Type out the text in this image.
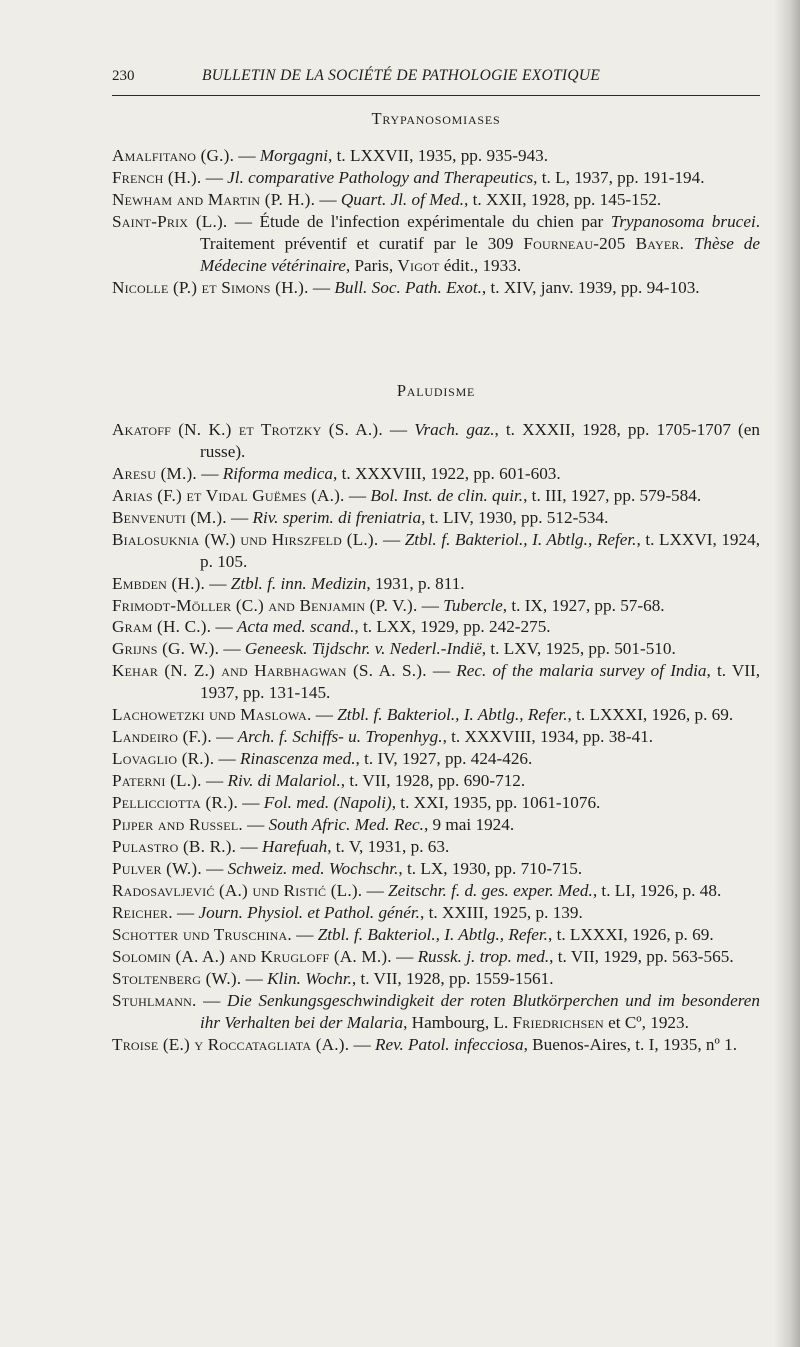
230	BULLETIN DE LA SOCIÉTÉ DE PATHOLOGIE EXOTIQUE
Trypanosomiases

Amalfitano (G.). — Morgagni, t. LXXVII, 1935, pp. 935-943.

French (H.). — Jl. comparative Pathology and Therapeutics, t. L, 1937, pp. 191-194.

Newham and Martin (P. H.). — Quart. Jl. of Med., t. XXII, 1928, pp. 145-152.

Saint-Prix (L.). — Étude de l'infection expérimentale du chien par Trypanosoma brucei. Traitement préventif et curatif par le 309 Fourneau-205 Bayer. Thèse de Médecine vétérinaire, Paris, Vigot édit., 1933.

Nicolle (P.) et Simons (H.). — Bull. Soc. Path. Exot., t. XIV, janv. 1939, pp. 94-103.

Paludisme

Akatoff (N. K.) et Trotzky (S. A.). — Vrach. gaz., t. XXXII, 1928, pp. 1705-1707 (en russe).

Aresu (M.). — Riforma medica, t. XXXVIII, 1922, pp. 601-603.

Arias (F.) et Vidal Guëmes (A.). — Bol. Inst. de clin. quir., t. III, 1927, pp. 579-584.

Benvenuti (M.). — Riv. sperim. di freniatria, t. LIV, 1930, pp. 512-534.

Bialosuknia (W.) und Hirszfeld (L.). — Ztbl. f. Bakteriol., I. Abtlg., Refer., t. LXXVI, 1924, p. 105.

Embden (H.). — Ztbl. f. inn. Medizin, 1931, p. 811.

Frimodt-Möller (C.) and Benjamin (P. V.). — Tubercle, t. IX, 1927, pp. 57-68.

Gram (H. C.). — Acta med. scand., t. LXX, 1929, pp. 242-275.

Grijns (G. W.). — Geneesk. Tijdschr. v. Nederl.-Indië, t. LXV, 1925, pp. 501-510.

Kehar (N. Z.) and Harbhagwan (S. A. S.). — Rec. of the malaria survey of India, t. VII, 1937, pp. 131-145.

Lachowetzki und Maslowa. — Ztbl. f. Bakteriol., I. Abtlg., Refer., t. LXXXI, 1926, p. 69.

Landeiro (F.). — Arch. f. Schiffs- u. Tropenhyg., t. XXXVIII, 1934, pp. 38-41.

Lovaglio (R.). — Rinascenza med., t. IV, 1927, pp. 424-426.

Paterni (L.). — Riv. di Malariol., t. VII, 1928, pp. 690-712.

Pellicciotta (R.). — Fol. med. (Napoli), t. XXI, 1935, pp. 1061-1076.

Pijper and Russel. — South Afric. Med. Rec., 9 mai 1924.

Pulastro (B. R.). — Harefuah, t. V, 1931, p. 63.

Pulver (W.). — Schweiz. med. Wochschr., t. LX, 1930, pp. 710-715.

Radosavljević (A.) und Ristić (L.). — Zeitschr. f. d. ges. exper. Med., t. LI, 1926, p. 48.

Reicher. — Journ. Physiol. et Pathol. génér., t. XXIII, 1925, p. 139.

Schotter und Truschina. — Ztbl. f. Bakteriol., I. Abtlg., Refer., t. LXXXI, 1926, p. 69.

Solomin (A. A.) and Krugloff (A. M.). — Russk. j. trop. med., t. VII, 1929, pp. 563-565.

Stoltenberg (W.). — Klin. Wochr., t. VII, 1928, pp. 1559-1561.

Stuhlmann. — Die Senkungsgeschwindigkeit der roten Blutkörperchen und im besonderen ihr Verhalten bei der Malaria, Hambourg, L. Friedrichsen et Cº, 1923.

Troise (E.) y Roccatagliata (A.). — Rev. Patol. infecciosa, Buenos-Aires, t. I, 1935, nº 1.
